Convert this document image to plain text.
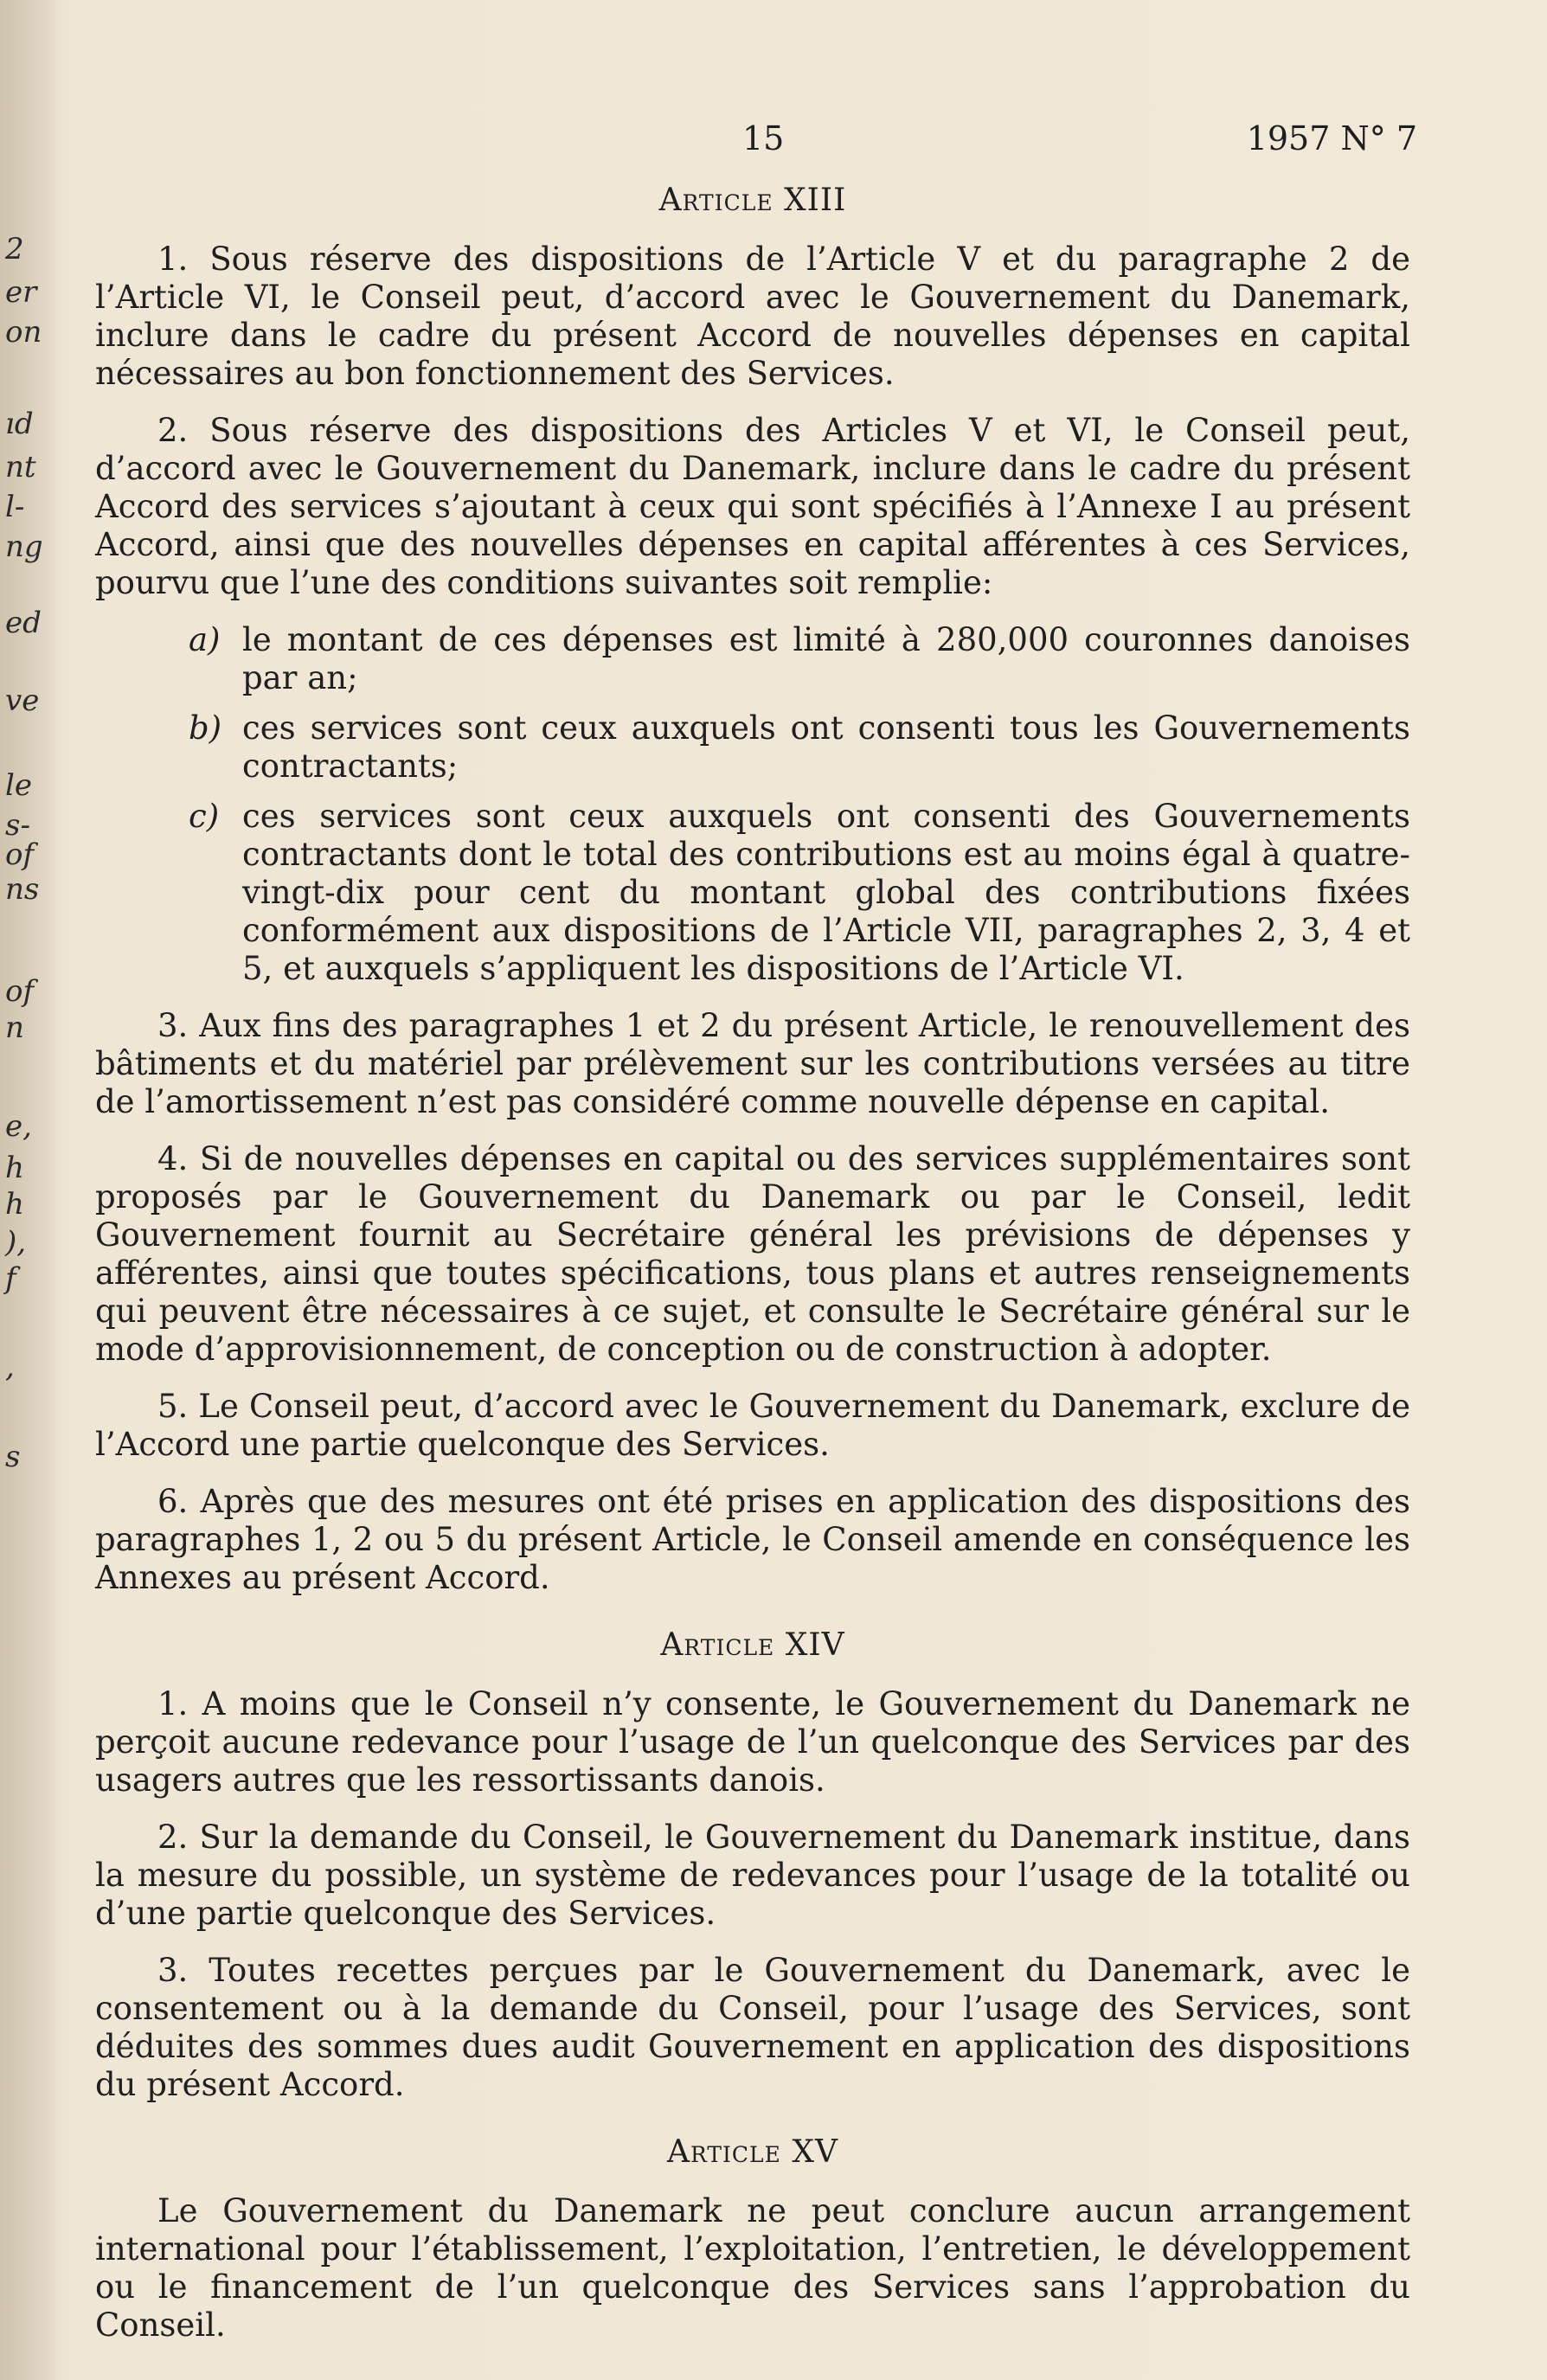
2
er
on
ıd
nt
l-
ng
ed
ve
le
s-
of
ns
of
n
e,
h
h
),
f
,
s
15	1957 N° 7
Article XIII

1. Sous réserve des dispositions de l’Article V et du paragraphe 2 de l’Article VI, le Conseil peut, d’accord avec le Gouvernement du Danemark, inclure dans le cadre du présent Accord de nouvelles dépenses en capital nécessaires au bon fonctionnement des Services.

2. Sous réserve des dispositions des Articles V et VI, le Conseil peut, d’accord avec le Gouvernement du Danemark, inclure dans le cadre du présent Accord des services s’ajoutant à ceux qui sont spécifiés à l’Annexe I au présent Accord, ainsi que des nouvelles dépenses en capital afférentes à ces Services, pourvu que l’une des conditions suivantes soit remplie:

a) le montant de ces dépenses est limité à 280,000 couronnes danoises par an;
b) ces services sont ceux auxquels ont consenti tous les Gouvernements contractants;
c) ces services sont ceux auxquels ont consenti des Gouvernements contractants dont le total des contributions est au moins égal à quatre-vingt-dix pour cent du montant global des contributions fixées conformément aux dispositions de l’Article VII, paragraphes 2, 3, 4 et 5, et auxquels s’appliquent les dispositions de l’Article VI.

3. Aux fins des paragraphes 1 et 2 du présent Article, le renouvellement des bâtiments et du matériel par prélèvement sur les contributions versées au titre de l’amortissement n’est pas considéré comme nouvelle dépense en capital.

4. Si de nouvelles dépenses en capital ou des services supplémentaires sont proposés par le Gouvernement du Danemark ou par le Conseil, ledit Gouvernement fournit au Secrétaire général les prévisions de dépenses y afférentes, ainsi que toutes spécifications, tous plans et autres renseignements qui peuvent être nécessaires à ce sujet, et consulte le Secrétaire général sur le mode d’approvisionnement, de conception ou de construction à adopter.

5. Le Conseil peut, d’accord avec le Gouvernement du Danemark, exclure de l’Accord une partie quelconque des Services.

6. Après que des mesures ont été prises en application des dispositions des paragraphes 1, 2 ou 5 du présent Article, le Conseil amende en conséquence les Annexes au présent Accord.

Article XIV

1. A moins que le Conseil n’y consente, le Gouvernement du Danemark ne perçoit aucune redevance pour l’usage de l’un quelconque des Services par des usagers autres que les ressortissants danois.

2. Sur la demande du Conseil, le Gouvernement du Danemark institue, dans la mesure du possible, un système de redevances pour l’usage de la totalité ou d’une partie quelconque des Services.

3. Toutes recettes perçues par le Gouvernement du Danemark, avec le consentement ou à la demande du Conseil, pour l’usage des Services, sont déduites des sommes dues audit Gouvernement en application des dispositions du présent Accord.

Article XV

Le Gouvernement du Danemark ne peut conclure aucun arrangement international pour l’établissement, l’exploitation, l’entretien, le développement ou le financement de l’un quelconque des Services sans l’approbation du Conseil.
